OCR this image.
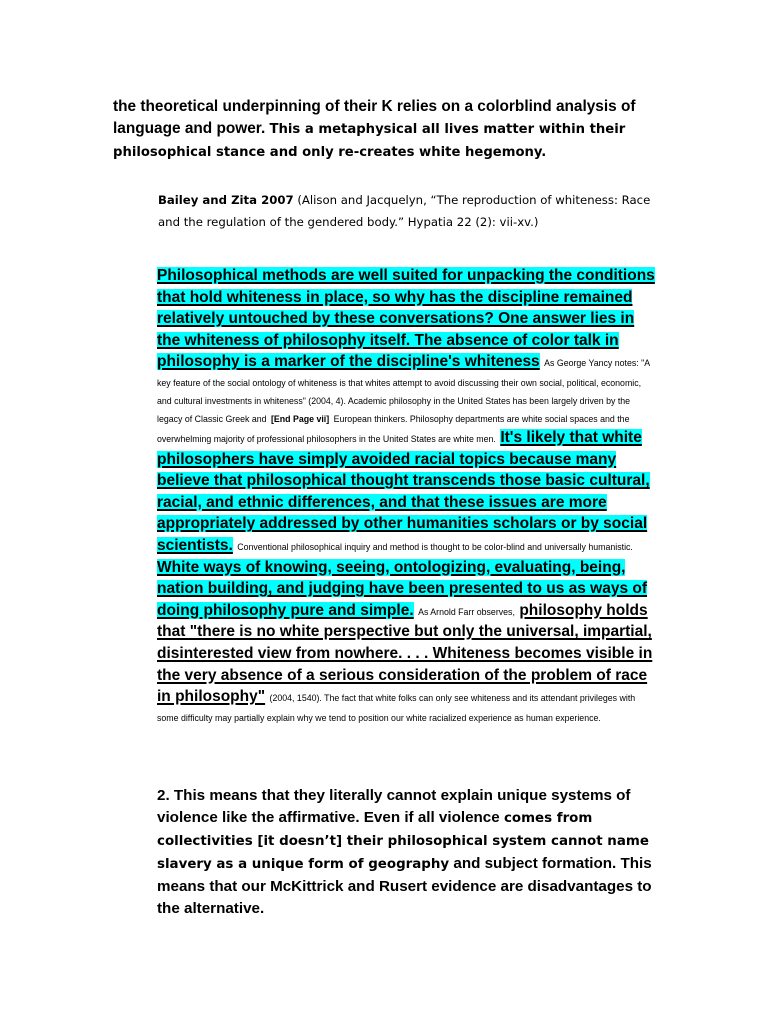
the theoretical underpinning of their K relies on a colorblind analysis of language and power. This a metaphysical all lives matter within their philosophical stance and only re-creates white hegemony.
Bailey and Zita 2007 (Alison and Jacquelyn, “The reproduction of whiteness: Race and the regulation of the gendered body.” Hypatia 22 (2): vii-xv.)

Philosophical methods are well suited for unpacking the conditions that hold whiteness in place, so why has the discipline remained relatively untouched by these conversations? One answer lies in the whiteness of philosophy itself. The absence of color talk in philosophy is a marker of the discipline's whiteness As George Yancy notes: "A key feature of the social ontology of whiteness is that whites attempt to avoid discussing their own social, political, economic, and cultural investments in whiteness" (2004, 4). Academic philosophy in the United States has been largely driven by the legacy of Classic Greek and [End Page vii] European thinkers. Philosophy departments are white social spaces and the overwhelming majority of professional philosophers in the United States are white men. It's likely that white philosophers have simply avoided racial topics because many believe that philosophical thought transcends those basic cultural, racial, and ethnic differences, and that these issues are more appropriately addressed by other humanities scholars or by social scientists. Conventional philosophical inquiry and method is thought to be color-blind and universally humanistic. White ways of knowing, seeing, ontologizing, evaluating, being, nation building, and judging have been presented to us as ways of doing philosophy pure and simple. As Arnold Farr observes, philosophy holds that "there is no white perspective but only the universal, impartial, disinterested view from nowhere. . . . Whiteness becomes visible in the very absence of a serious consideration of the problem of race in philosophy" (2004, 1540). The fact that white folks can only see whiteness and its attendant privileges with some difficulty may partially explain why we tend to position our white racialized experience as human experience.

2. This means that they literally cannot explain unique systems of violence like the affirmative. Even if all violence comes from collectivities [it doesn’t] their philosophical system cannot name slavery as a unique form of geography and subject formation. This means that our McKittrick and Rusert evidence are disadvantages to the alternative.
